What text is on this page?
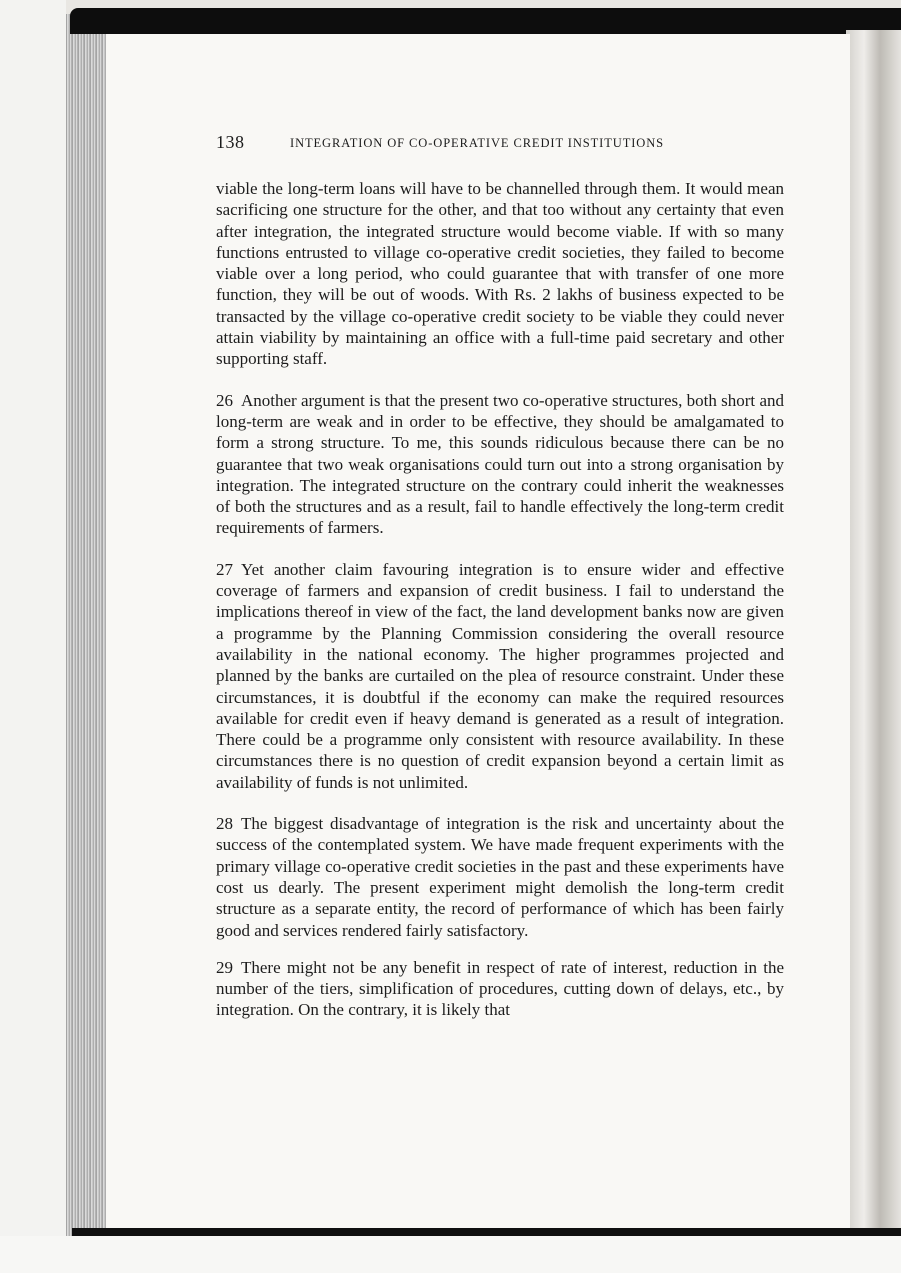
138	INTEGRATION OF CO-OPERATIVE CREDIT INSTITUTIONS

viable the long-term loans will have to be channelled through them. It would mean sacrificing one structure for the other, and that too without any certainty that even after integration, the integrated structure would become viable. If with so many functions entrusted to village co-operative credit societies, they failed to become viable over a long period, who could guarantee that with transfer of one more function, they will be out of woods. With Rs. 2 lakhs of business expected to be transacted by the village co-operative credit society to be viable they could never attain viability by maintaining an office with a full-time paid secretary and other supporting staff.

26 Another argument is that the present two co-operative structures, both short and long-term are weak and in order to be effective, they should be amalgamated to form a strong structure. To me, this sounds ridiculous because there can be no guarantee that two weak organisations could turn out into a strong organisation by integration. The integrated structure on the contrary could inherit the weaknesses of both the structures and as a result, fail to handle effectively the long-term credit requirements of farmers.

27 Yet another claim favouring integration is to ensure wider and effective coverage of farmers and expansion of credit business. I fail to understand the implications thereof in view of the fact, the land development banks now are given a programme by the Planning Commission considering the overall resource availability in the national economy. The higher programmes projected and planned by the banks are curtailed on the plea of resource constraint. Under these circumstances, it is doubtful if the economy can make the required resources available for credit even if heavy demand is generated as a result of integration. There could be a programme only consistent with resource availability. In these circumstances there is no question of credit expansion beyond a certain limit as availability of funds is not unlimited.

28 The biggest disadvantage of integration is the risk and uncertainty about the success of the contemplated system. We have made frequent experiments with the primary village co-operative credit societies in the past and these experiments have cost us dearly. The present experiment might demolish the long-term credit structure as a separate entity, the record of performance of which has been fairly good and services rendered fairly satisfactory.

29 There might not be any benefit in respect of rate of interest, reduction in the number of the tiers, simplification of procedures, cutting down of delays, etc., by integration. On the contrary, it is likely that
